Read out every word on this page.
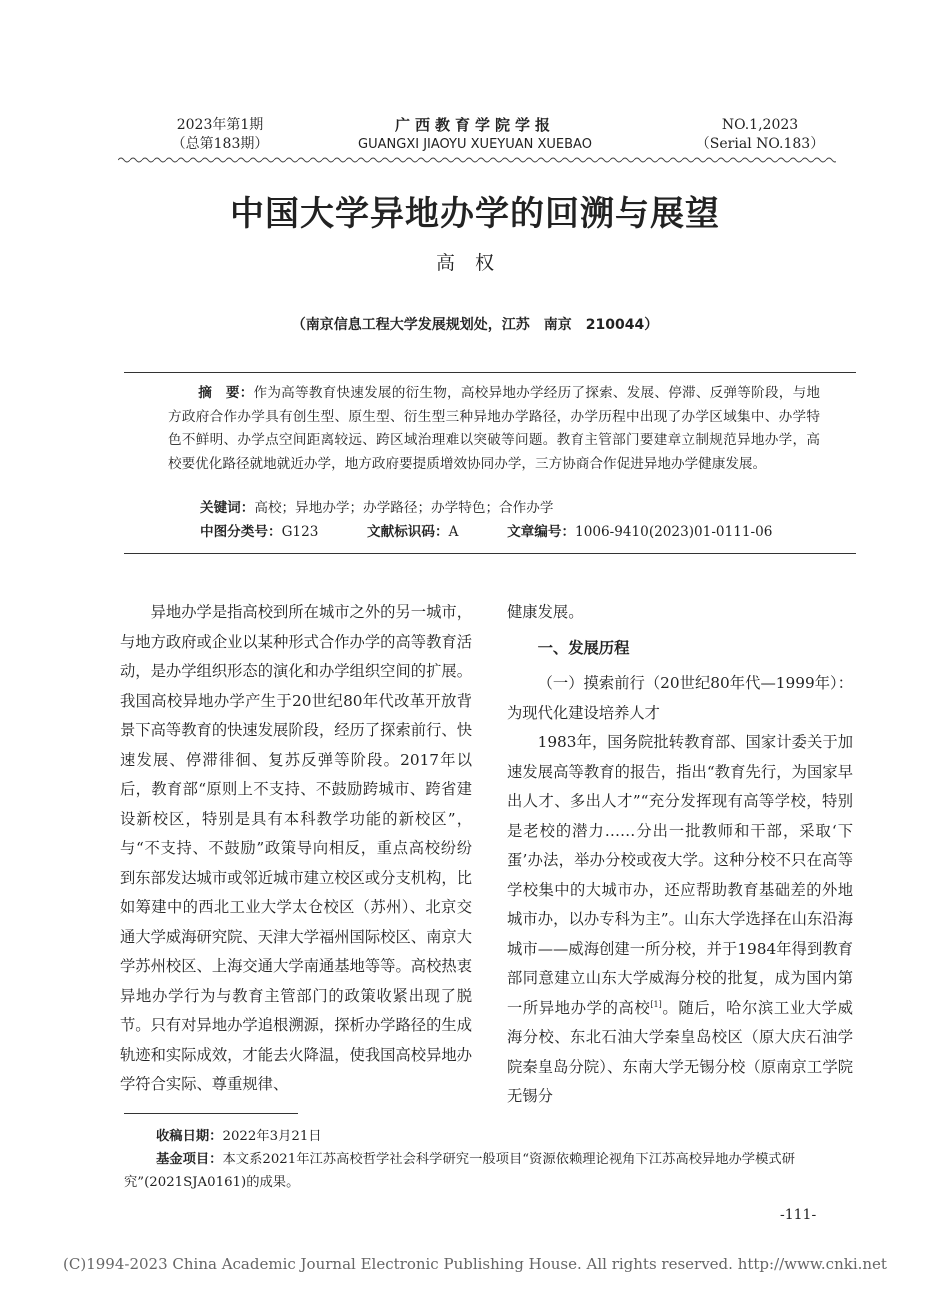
2023年第1期
（总第183期）
广西教育学院学报
GUANGXI JIAOYU XUEYUAN XUEBAO
NO.1,2023
（Serial NO.183）
中国大学异地办学的回溯与展望
高权
（南京信息工程大学发展规划处，江苏　南京　210044）
摘　要：作为高等教育快速发展的衍生物，高校异地办学经历了探索、发展、停滞、反弹等阶段，与地方政府合作办学具有创生型、原生型、衍生型三种异地办学路径，办学历程中出现了办学区域集中、办学特色不鲜明、办学点空间距离较远、跨区域治理难以突破等问题。教育主管部门要建章立制规范异地办学，高校要优化路径就地就近办学，地方政府要提质增效协同办学，三方协商合作促进异地办学健康发展。
关键词：高校；异地办学；办学路径；办学特色；合作办学
中图分类号：G123	文献标识码：A	文章编号：1006-9410(2023)01-0111-06

异地办学是指高校到所在城市之外的另一城市，与地方政府或企业以某种形式合作办学的高等教育活动，是办学组织形态的演化和办学组织空间的扩展。我国高校异地办学产生于20世纪80年代改革开放背景下高等教育的快速发展阶段，经历了探索前行、快速发展、停滞徘徊、复苏反弹等阶段。2017年以后，教育部“原则上不支持、不鼓励跨城市、跨省建设新校区，特别是具有本科教学功能的新校区”，与“不支持、不鼓励”政策导向相反，重点高校纷纷到东部发达城市或邻近城市建立校区或分支机构，比如筹建中的西北工业大学太仓校区（苏州）、北京交通大学威海研究院、天津大学福州国际校区、南京大学苏州校区、上海交通大学南通基地等等。高校热衷异地办学行为与教育主管部门的政策收紧出现了脱节。只有对异地办学追根溯源，探析办学路径的生成轨迹和实际成效，才能去火降温，使我国高校异地办学符合实际、尊重规律、

健康发展。

一、发展历程

（一）摸索前行（20世纪80年代—1999年）：为现代化建设培养人才

1983年，国务院批转教育部、国家计委关于加速发展高等教育的报告，指出“教育先行，为国家早出人才、多出人才”“充分发挥现有高等学校，特别是老校的潜力……分出一批教师和干部，采取‘下蛋’办法，举办分校或夜大学。这种分校不只在高等学校集中的大城市办，还应帮助教育基础差的外地城市办，以办专科为主”。山东大学选择在山东沿海城市——威海创建一所分校，并于1984年得到教育部同意建立山东大学威海分校的批复，成为国内第一所异地办学的高校[1]。随后，哈尔滨工业大学威海分校、东北石油大学秦皇岛校区（原大庆石油学院秦皇岛分院）、东南大学无锡分校（原南京工学院无锡分

收稿日期：2022年3月21日
基金项目：本文系2021年江苏高校哲学社会科学研究一般项目“资源依赖理论视角下江苏高校异地办学模式研究”(2021SJA0161)的成果。
-111-
(C)1994-2023 China Academic Journal Electronic Publishing House. All rights reserved. http://www.cnki.net
